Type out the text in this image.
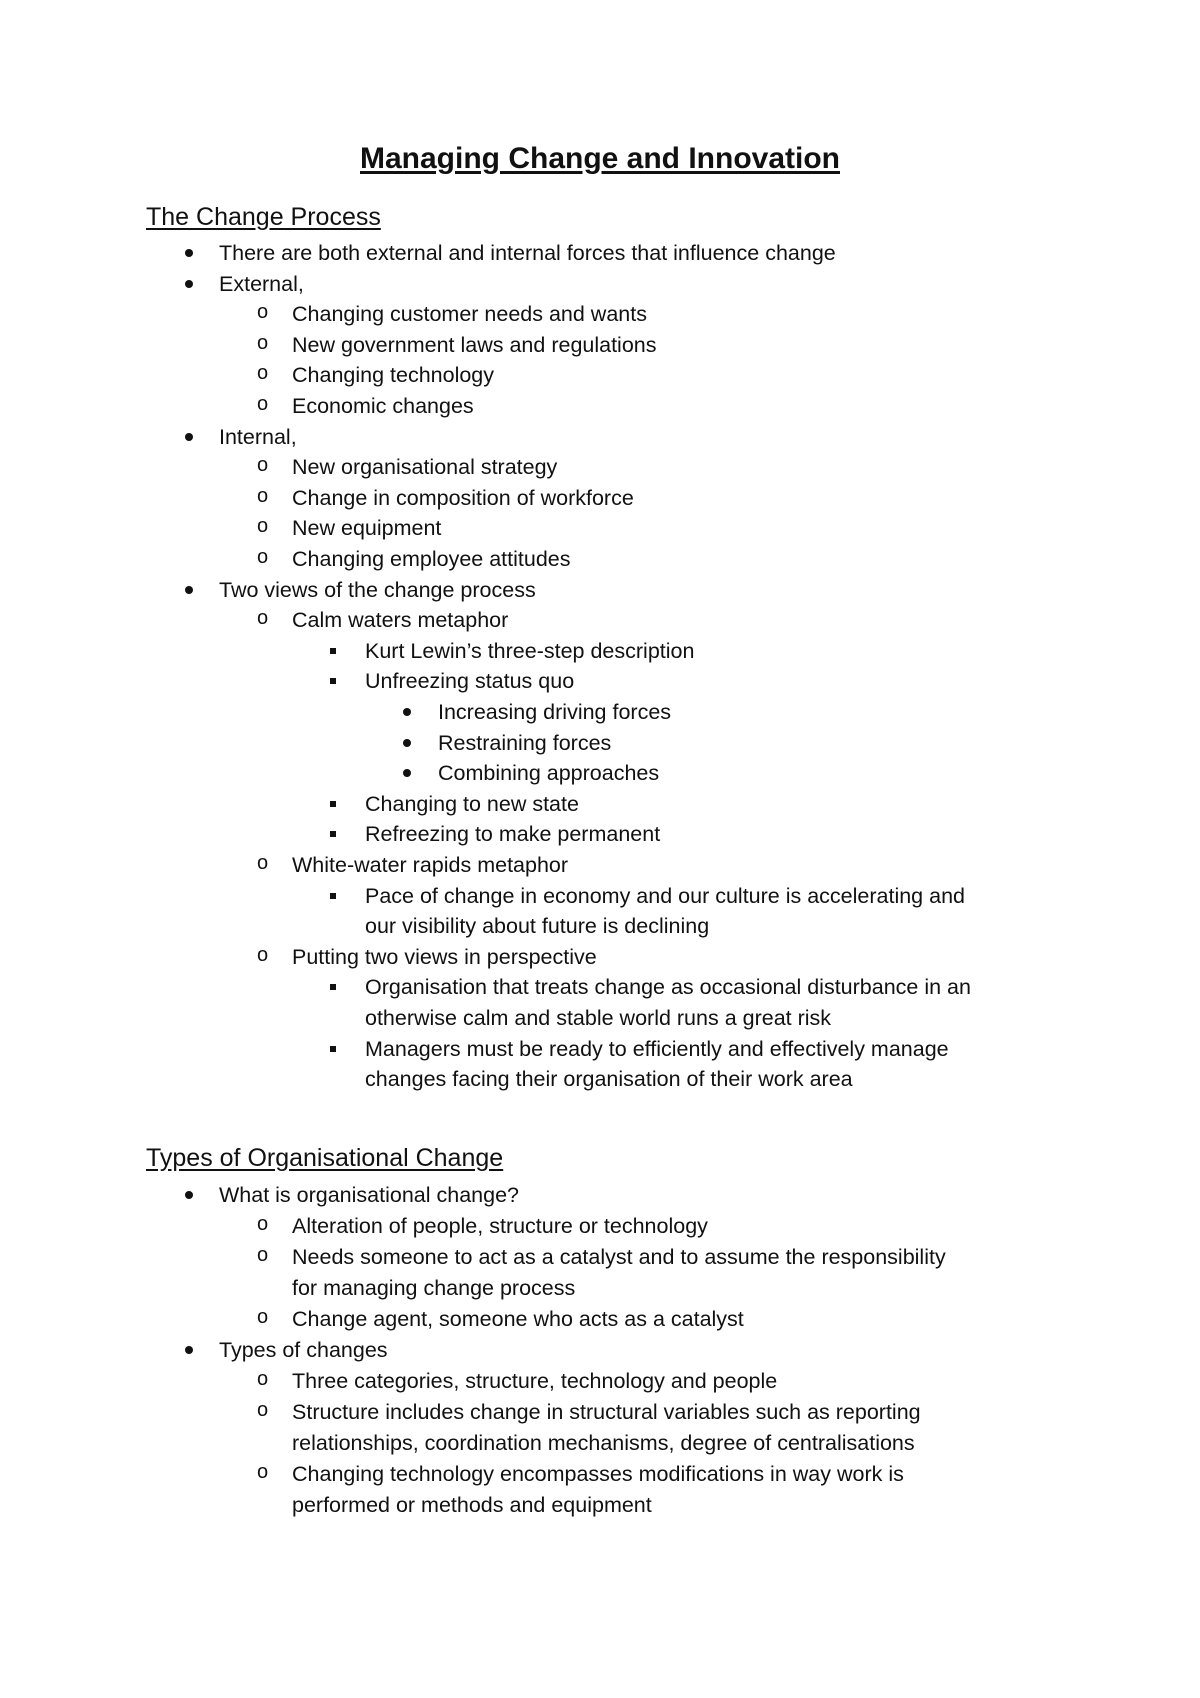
Managing Change and Innovation
The Change Process
There are both external and internal forces that influence change
External,
o Changing customer needs and wants
o New government laws and regulations
o Changing technology
o Economic changes
Internal,
o New organisational strategy
o Change in composition of workforce
o New equipment
o Changing employee attitudes
Two views of the change process
o Calm waters metaphor
Kurt Lewin’s three-step description
Unfreezing status quo
Increasing driving forces
Restraining forces
Combining approaches
Changing to new state
Refreezing to make permanent
o White-water rapids metaphor
Pace of change in economy and our culture is accelerating and
our visibility about future is declining
o Putting two views in perspective
Organisation that treats change as occasional disturbance in an
otherwise calm and stable world runs a great risk
Managers must be ready to efficiently and effectively manage
changes facing their organisation of their work area
Types of Organisational Change
What is organisational change?
o Alteration of people, structure or technology
o Needs someone to act as a catalyst and to assume the responsibility
for managing change process
o Change agent, someone who acts as a catalyst
Types of changes
o Three categories, structure, technology and people
o Structure includes change in structural variables such as reporting
relationships, coordination mechanisms, degree of centralisations
o Changing technology encompasses modifications in way work is
performed or methods and equipment
